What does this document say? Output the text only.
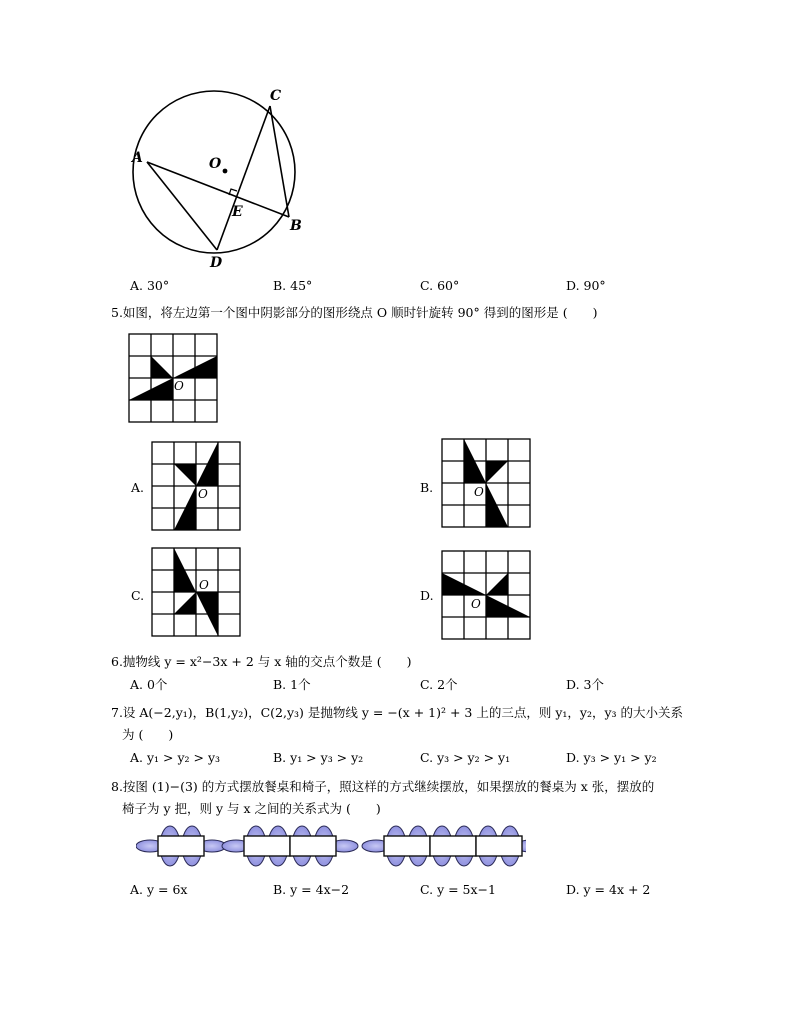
A
C
O
E
B
D
A. 30°	B. 45°	C. 60°	D. 90°
5.如图，将左边第一个图中阴影部分的图形绕点 O 顺时针旋转 90° 得到的图形是 (　　)
O
A.	O	B.	O
C.
O
D.
O
6.抛物线 y = x²−3x + 2 与 x 轴的交点个数是 (　　)
A. 0个	B. 1个	C. 2个	D. 3个
7.设 A(−2,y₁)，B(1,y₂)，C(2,y₃) 是抛物线 y = −(x + 1)² + 3 上的三点，则 y₁，y₂，y₃ 的大小关系
为 (　　)
A. y₁ > y₂ > y₃	B. y₁ > y₃ > y₂	C. y₃ > y₂ > y₁	D. y₃ > y₁ > y₂
8.按图 (1)−(3) 的方式摆放餐桌和椅子，照这样的方式继续摆放，如果摆放的餐桌为 x 张，摆放的
椅子为 y 把，则 y 与 x 之间的关系式为 (　　)
A. y = 6x	B. y = 4x−2	C. y = 5x−1	D. y = 4x + 2
